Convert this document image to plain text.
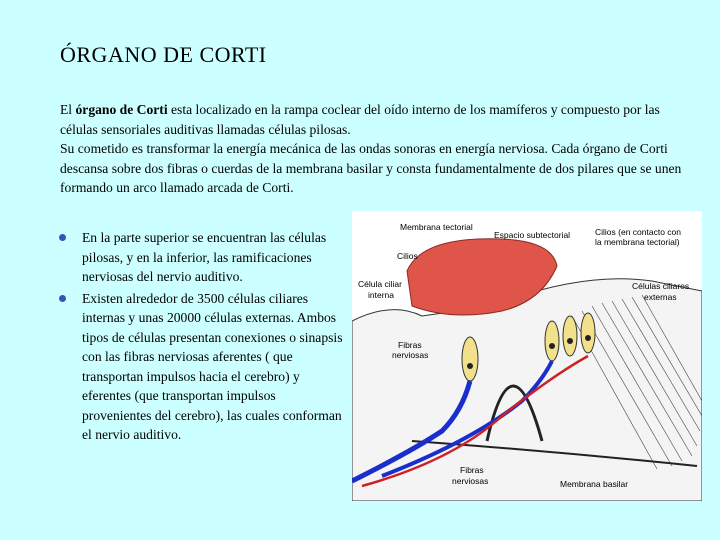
ÓRGANO DE CORTI

El órgano de Corti esta localizado en la rampa coclear del oído interno de los mamíferos y compuesto por las células sensoriales auditivas llamadas células pilosas.

Su cometido es transformar la energía mecánica de las ondas sonoras en energía nerviosa. Cada órgano de Corti descansa sobre dos fibras o cuerdas de la membrana basilar y consta fundamentalmente de dos pilares que se unen formando un arco llamado arcada de Corti.

En la parte superior se encuentran las células pilosas, y en la inferior, las ramificaciones nerviosas del nervio auditivo.
Existen alrededor de 3500 células ciliares internas y unas 20000 células externas. Ambos tipos de células presentan conexiones o sinapsis con las fibras nerviosas aferentes ( que transportan impulsos hacia el cerebro) y eferentes (que transportan impulsos provenientes del cerebro), las cuales conforman el nervio auditivo.
Membrana tectorial
Espacio subtectorial	Cilios (en contacto con
la membrana tectorial)
Cilios
Célula ciliar
interna
Células ciliares
externas
Fibras
nerviosas
Fibras
nerviosas	Membrana basilar
